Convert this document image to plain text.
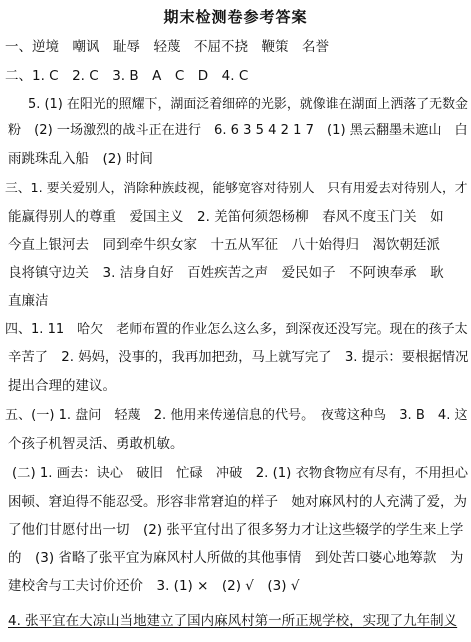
期末检测卷参考答案
一、逆境　嘲讽　耻辱　轻蔑　不屈不挠　鞭策　名誉
二、1. C　2. C　3. B　A　C　D　4. C
5. (1) 在阳光的照耀下，湖面泛着细碎的光影，就像谁在湖面上洒落了无数金
粉　(2) 一场激烈的战斗正在进行　6. 6 3 5 4 2 1 7　(1) 黑云翻墨未遮山　白
雨跳珠乱入船　(2) 时间
三、1. 要关爱别人，消除种族歧视，能够宽容对待别人　只有用爱去对待别人，才
能赢得别人的尊重　爱国主义　2. 羌笛何须怨杨柳　春风不度玉门关　如
今直上银河去　同到牵牛织女家　十五从军征　八十始得归　渴饮朝廷派
良将镇守边关　3. 洁身自好　百姓疾苦之声　爱民如子　不阿谀奉承　耿
直廉洁
四、1. 11　哈欠　老师布置的作业怎么这么多，到深夜还没写完。现在的孩子太
辛苦了　2. 妈妈，没事的，我再加把劲，马上就写完了　3. 提示：要根据情况
提出合理的建议。
五、(一) 1. 盘问　轻蔑　2. 他用来传递信息的代号。　夜莺这种鸟　3. B　4. 这
个孩子机智灵活、勇敢机敏。
(二) 1. 画去：诀心　破旧　忙碌　冲破　2. (1) 衣物食物应有尽有，不用担心
困顿、窘迫得不能忍受。形容非常窘迫的样子　她对麻风村的人充满了爱，为
了他们甘愿付出一切　(2) 张平宜付出了很多努力才让这些辍学的学生来上学
的　(3) 省略了张平宜为麻风村人所做的其他事情　到处苦口婆心地筹款　为
建校舍与工夫讨价还价　3. (1) ×　(2) √　(3) √
4. 张平宜在大凉山当地建立了国内麻风村第一所正规学校，实现了九年制义
